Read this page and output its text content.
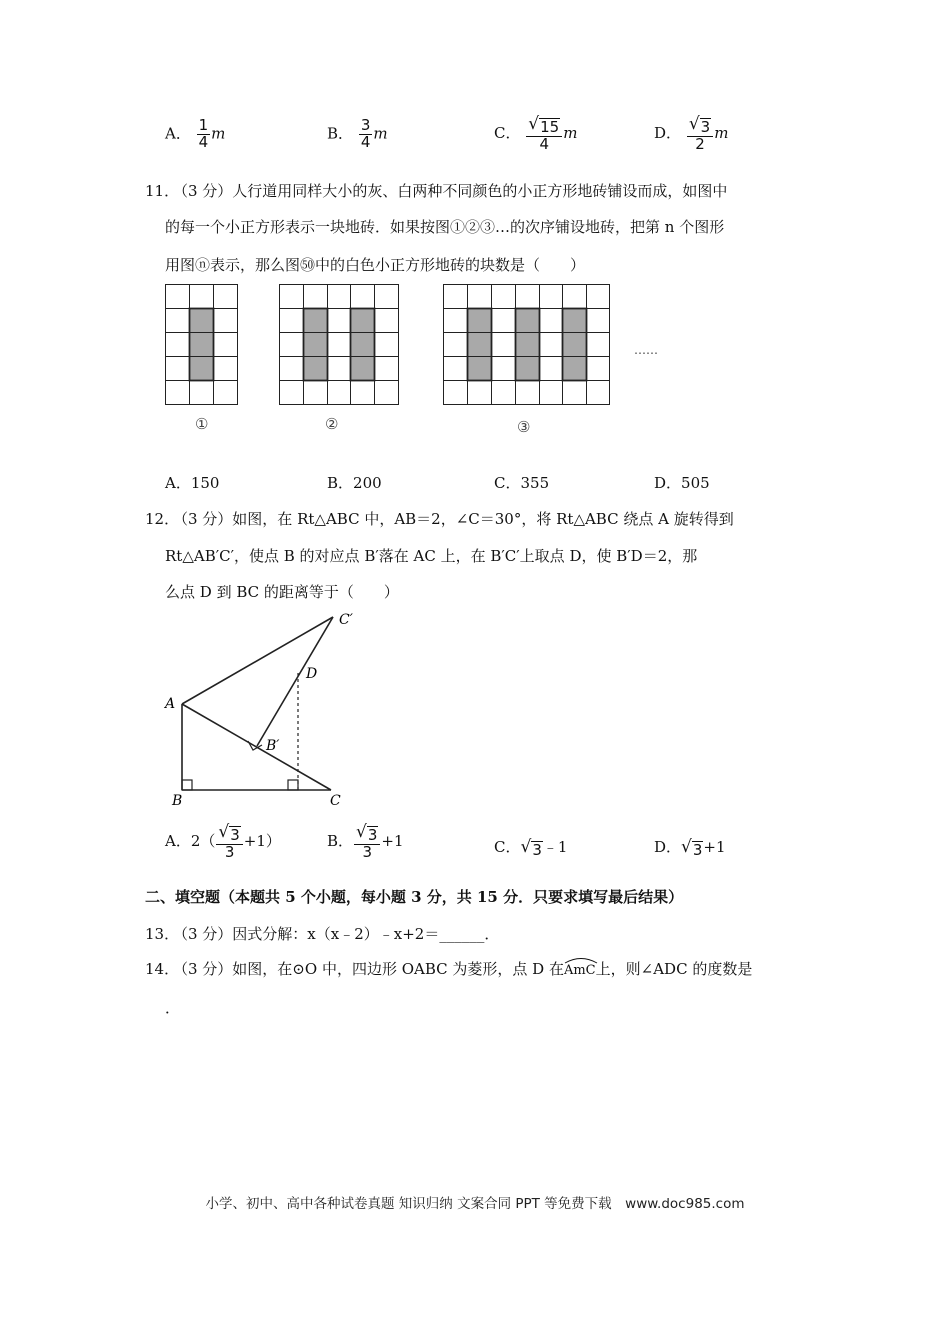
A． $\frac{1}{4}$ m	B． $\frac{3}{4}$ m	C． $\frac{√ 15}{4}$ m	D． $\frac{√ 3}{2}$ m
11．
（3 分）人行道用同样大小的灰、白两种不同颜色的小正方形地砖铺设而成，如图中
的每一个小正方形表示一块地砖．如果按图①②③…的次序铺设地砖，把第 n 个图形
用图ⓝ表示，那么图㊿中的白色小正方形地砖的块数是（　　）
……
①	②	③
A．150	B．200	C．355	D．505
12．
（3 分）如图，在 Rt△ABC 中，AB＝2，∠C＝30°，将 Rt△ABC 绕点 A 旋转得到
Rt△AB′C′，使点 B 的对应点 B′落在 AC 上，在 B′C′上取点 D，使 B′D＝2，那
么点 D 到 BC 的距离等于（　　）
A
B	C
B′
C′
D
A．$2( \frac{√ 3}{3} +1)$	B． $\frac{√ 3}{3} +1$	C． √ 3 ﹣1	D． √ 3 +1
二、填空题（本题共 5 个小题，每小题 3 分，共 15 分．只要求填写最后结果）
13．
（3 分）因式分解：x（x﹣2）﹣x+2＝______．
14．
（3 分）如图，在⊙O 中，四边形 OABC 为菱形，点 D 在
AmC上，则∠ADC 的度数是
．
小学、初中、高中各种试卷真题 知识归纳 文案合同 PPT 等免费下载　www.doc985.com
